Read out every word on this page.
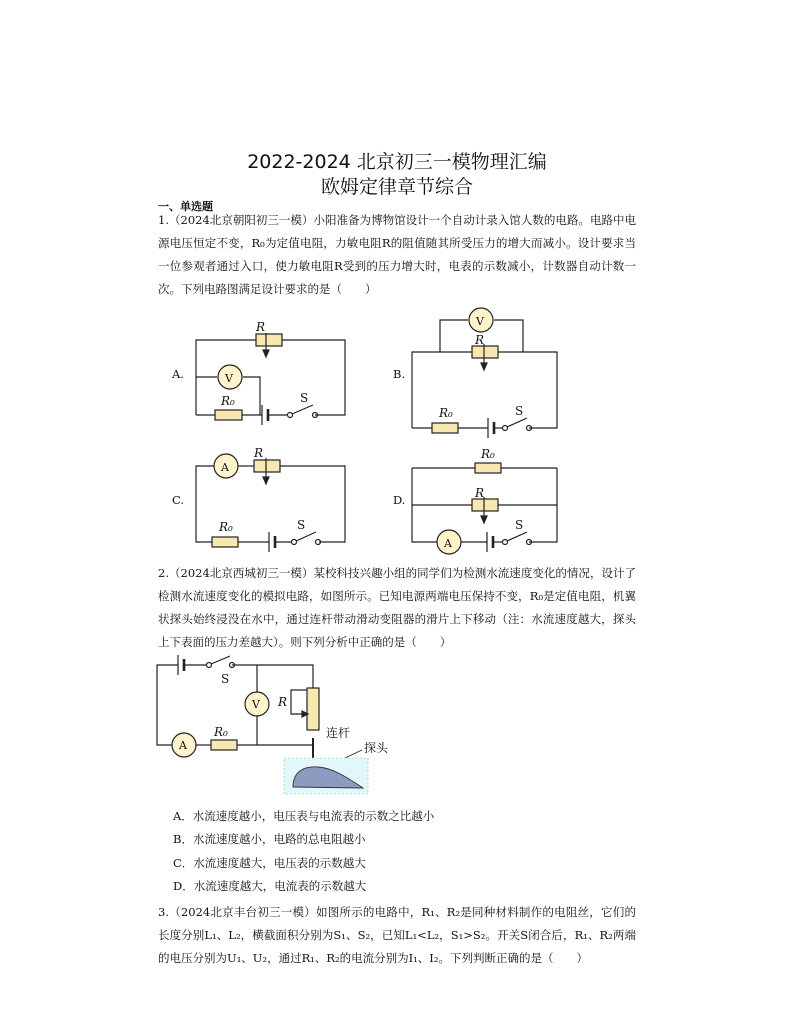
2022-2024 北京初三一模物理汇编
欧姆定律章节综合
一、单选题
1.（2024北京朝阳初三一模）小阳准备为博物馆设计一个自动计录入馆人数的电路。电路中电源电压恒定不变，R₀为定值电阻，力敏电阻R的阻值随其所受压力的增大而减小。设计要求当一位参观者通过入口，使力敏电阻R受到的压力增大时，电表的示数减小，计数器自动计数一次。下列电路图满足设计要求的是（　　）
A.	B.
C.	D.
2.（2024北京西城初三一模）某校科技兴趣小组的同学们为检测水流速度变化的情况，设计了检测水流速度变化的模拟电路，如图所示。已知电源两端电压保持不变，R₀是定值电阻，机翼状探头始终浸没在水中，通过连杆带动滑动变阻器的滑片上下移动（注：水流速度越大，探头上下表面的压力差越大）。则下列分析中正确的是（　　）
A．水流速度越小，电压表与电流表的示数之比越小
B．水流速度越小，电路的总电阻越小
C．水流速度越大，电压表的示数越大
D．水流速度越大，电流表的示数越大
3.（2024北京丰台初三一模）如图所示的电路中，R₁、R₂是同种材料制作的电阻丝，它们的长度分别L₁、L₂，横截面积分别为S₁、S₂，已知L₁<L₂，S₁>S₂。开关S闭合后，R₁、R₂两端的电压分别为U₁、U₂，通过R₁、R₂的电流分别为I₁、I₂。下列判断正确的是（　　）
R
V
R₀	S
R
V
R₀	S
R
A
R₀	S
R₀
R
A
S
S
V R
A
R₀	连杆
探头
